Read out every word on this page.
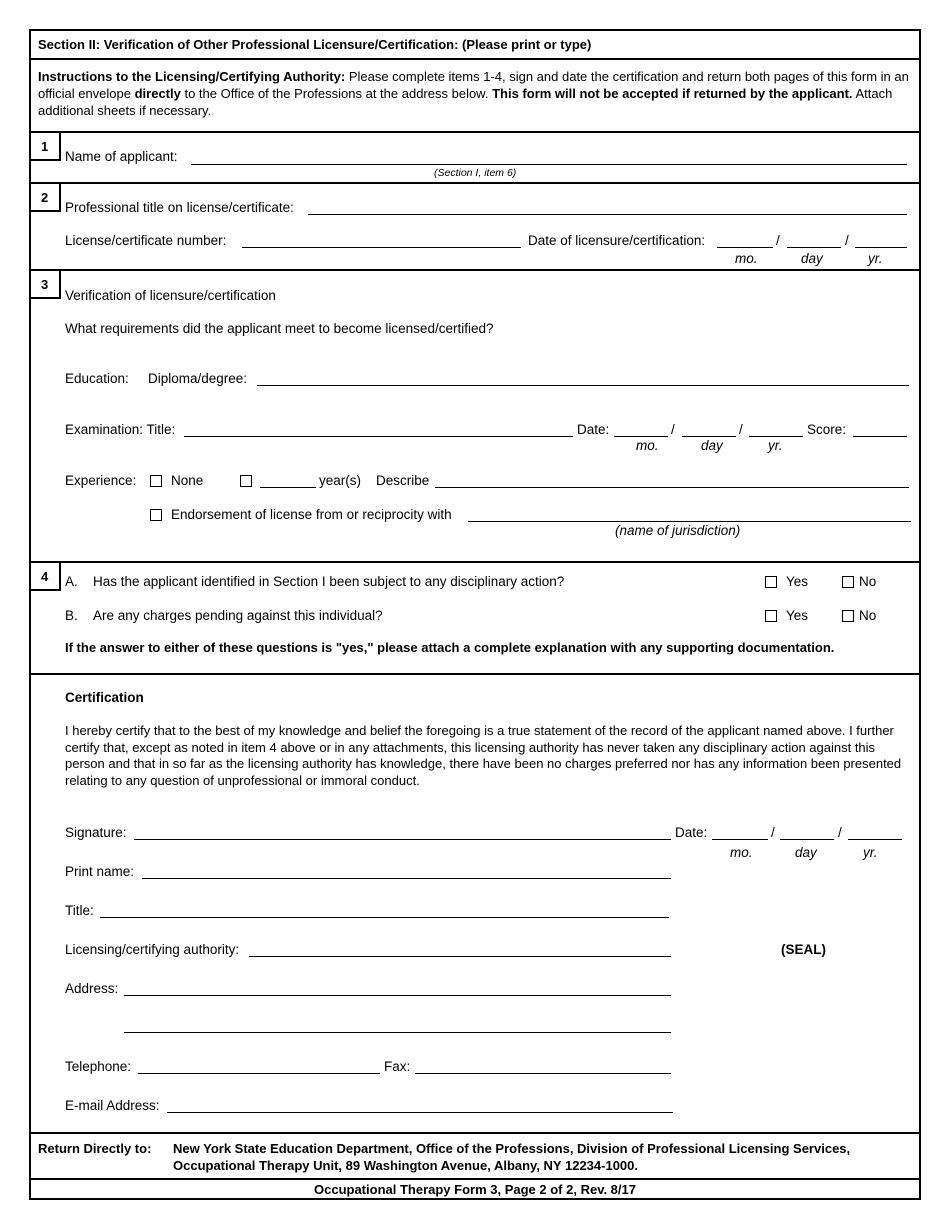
Section II: Verification of Other Professional Licensure/Certification: (Please print or type)
Instructions to the Licensing/Certifying Authority: Please complete items 1-4, sign and date the certification and return both pages of this form in an official envelope directly to the Office of the Professions at the address below. This form will not be accepted if returned by the applicant. Attach additional sheets if necessary.
1
Name of applicant:
(Section I, item 6)
2
Professional title on license/certificate:
License/certificate number:	Date of licensure/certification:	/	/
mo.	day	yr.
3
Verification of licensure/certification
What requirements did the applicant meet to become licensed/certified?
Education: Diploma/degree:
Examination: Title:	Date:	/	/	Score:
mo.	day	yr.
Experience:	None	year(s) Describe
Endorsement of license from or reciprocity with
(name of jurisdiction)
4	A. Has the applicant identified in Section I been subject to any disciplinary action?	Yes	No
B. Are any charges pending against this individual?	Yes	No
If the answer to either of these questions is "yes," please attach a complete explanation with any supporting documentation.
Certification
I hereby certify that to the best of my knowledge and belief the foregoing is a true statement of the record of the applicant named above. I further certify that, except as noted in item 4 above or in any attachments, this licensing authority has never taken any disciplinary action against this person and that in so far as the licensing authority has knowledge, there have been no charges preferred nor has any information been presented relating to any question of unprofessional or immoral conduct.
Signature:	Date:	/	/
mo.	day	yr.
Print name:
Title:
Licensing/certifying authority:	(SEAL)
Address:
Telephone:	Fax:
E-mail Address:
Return Directly to: New York State Education Department, Office of the Professions, Division of Professional Licensing Services,
Occupational Therapy Unit, 89 Washington Avenue, Albany, NY 12234-1000.
Occupational Therapy Form 3, Page 2 of 2, Rev. 8/17
